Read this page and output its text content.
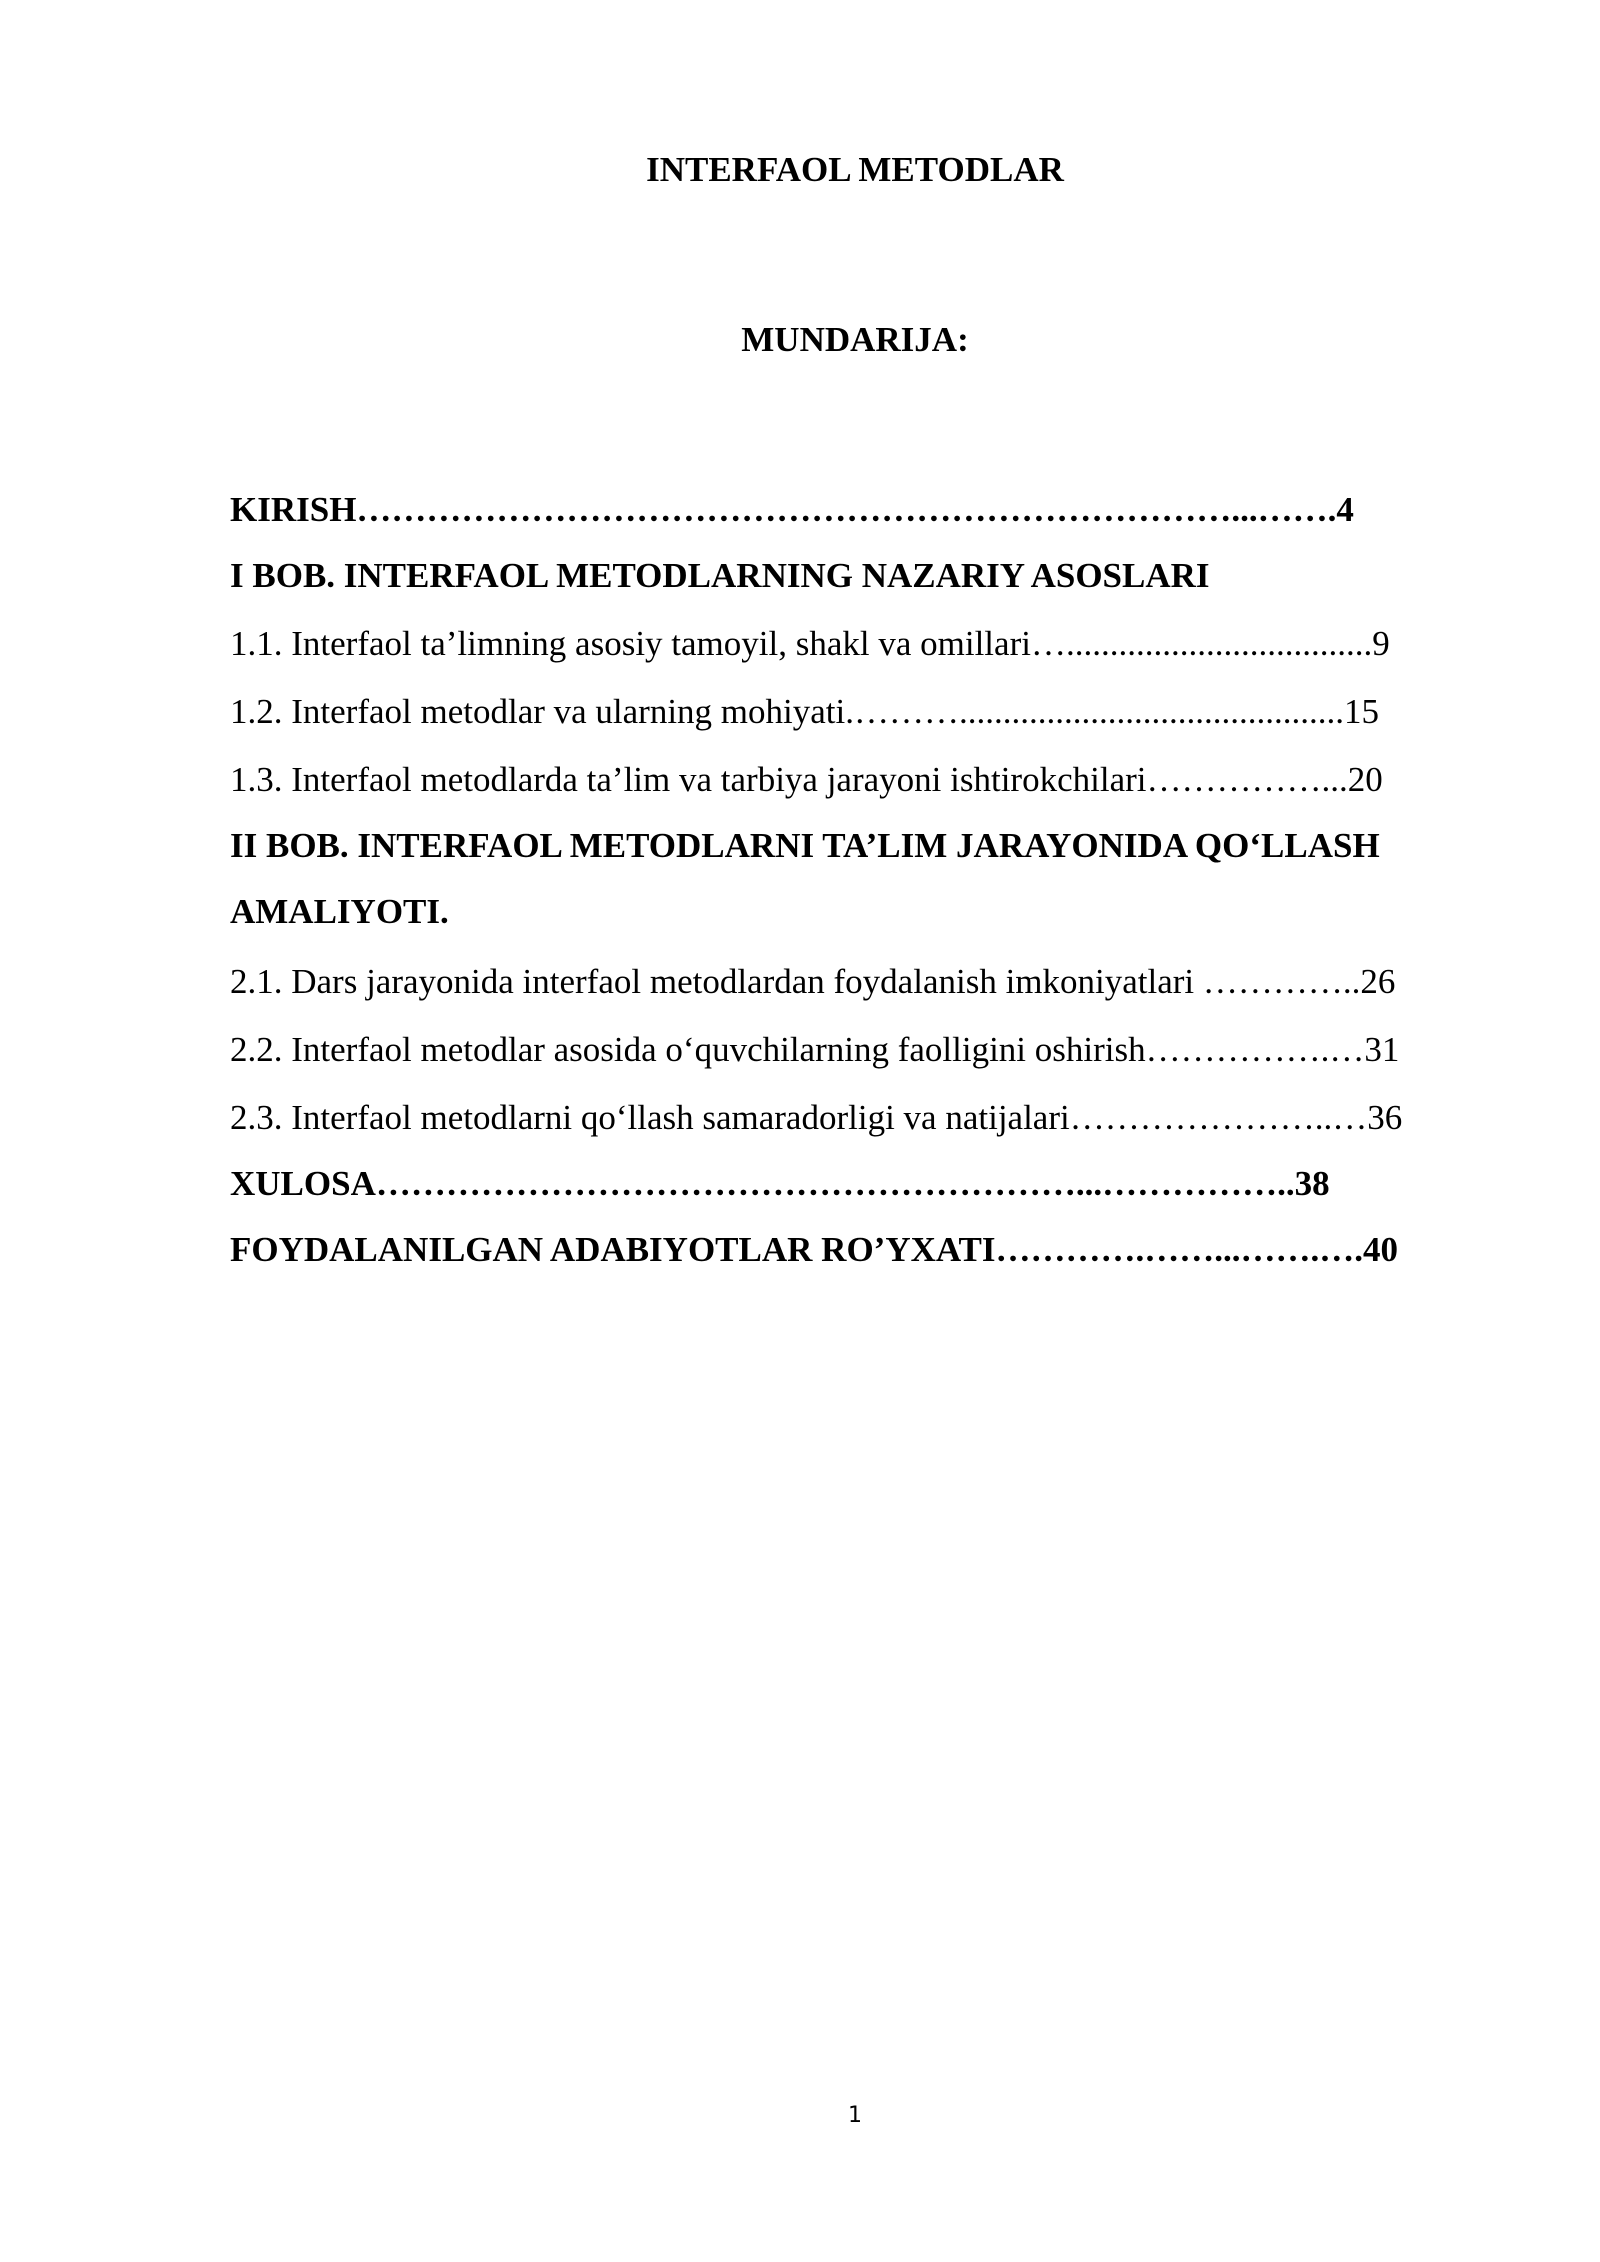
INTERFAOL METODLAR
MUNDARIJA:
KIRISH…………………………………………………………………...…….4
I BOB. INTERFAOL METODLARNING NAZARIY ASOSLARI
1.1. Interfaol ta’limning asosiy tamoyil, shakl va omillari…...................................9
1.2. Interfaol metodlar va ularning mohiyati.………............................................15
1.3. Interfaol metodlarda ta’lim va tarbiya jarayoni ishtirokchilari……………...20
II BOB. INTERFAOL METODLARNI TA’LIM JARAYONIDA QO‘LLASH
AMALIYOTI.
2.1. Dars jarayonida interfaol metodlardan foydalanish imkoniyatlari …………..26
2.2. Interfaol metodlar asosida o‘quvchilarning faolligini oshirish…………….…31
2.3. Interfaol metodlarni qo‘llash samaradorligi va natijalari…………………..…36
XULOSA……………………………………………………...……………..38
FOYDALANILGAN ADABIYOTLAR RO’YXATI………….……...…….….40
1
